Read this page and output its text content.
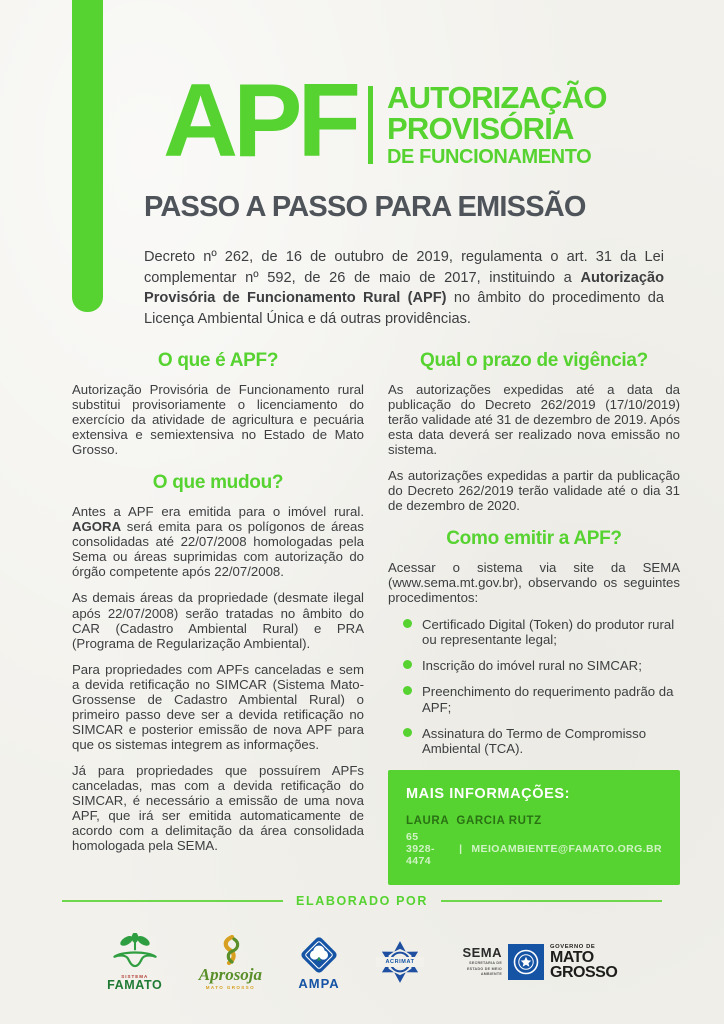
APF AUTORIZAÇÃO
PROVISÓRIA
DE FUNCIONAMENTO
PASSO A PASSO PARA EMISSÃO

Decreto nº 262, de 16 de outubro de 2019, regulamenta o art. 31 da Lei complementar nº 592, de 26 de maio de 2017, instituindo a Autorização Provisória de Funcionamento Rural (APF) no âmbito do procedimento da Licença Ambiental Única e dá outras providências.

O que é APF?

Autorização Provisória de Funcionamento rural substitui provisoriamente o licenciamento do exercício da atividade de agricultura e pecuária extensiva e semiextensiva no Estado de Mato Grosso.

O que mudou?

Antes a APF era emitida para o imóvel rural. AGORA será emita para os polígonos de áreas consolidadas até 22/07/2008 homologadas pela Sema ou áreas suprimidas com autorização do órgão competente após 22/07/2008.

As demais áreas da propriedade (desmate ilegal após 22/07/2008) serão tratadas no âmbito do CAR (Cadastro Ambiental Rural) e PRA (Programa de Regularização Ambiental).

Para propriedades com APFs canceladas e sem a devida retificação no SIMCAR (Sistema Mato-Grossense de Cadastro Ambiental Rural) o primeiro passo deve ser a devida retificação no SIMCAR e posterior emissão de nova APF para que os sistemas integrem as informações.

Já para propriedades que possuírem APFs canceladas, mas com a devida retificação do SIMCAR, é necessário a emissão de uma nova APF, que irá ser emitida automaticamente de acordo com a delimitação da área consolidada homologada pela SEMA.

Qual o prazo de vigência?

As autorizações expedidas até a data da publicação do Decreto 262/2019 (17/10/2019) terão validade até 31 de dezembro de 2019. Após esta data deverá ser realizado nova emissão no sistema.

As autorizações expedidas a partir da publicação do Decreto 262/2019 terão validade até o dia 31 de dezembro de 2020.

Como emitir a APF?

Acessar o sistema via site da SEMA (www.sema.mt.gov.br), observando os seguintes procedimentos:

Certificado Digital (Token) do produtor rural ou representante legal;
Inscrição do imóvel rural no SIMCAR;
Preenchimento do requerimento padrão da APF;
Assinatura do Termo de Compromisso Ambiental (TCA).
MAIS INFORMAÇÕES:
LAURA  GARCIA RUTZ
65 3928-4474
| MEIOAMBIENTE@FAMATO.ORG.BR
ELABORADO POR
SISTEMA
FAMATO
Aprosoja
MATO GROSSO	AMPA
ACRIMAT
SEMA
SECRETARIA DE ESTADO DE MEIO AMBIENTE
GOVERNO DE
MATO
GROSSO
